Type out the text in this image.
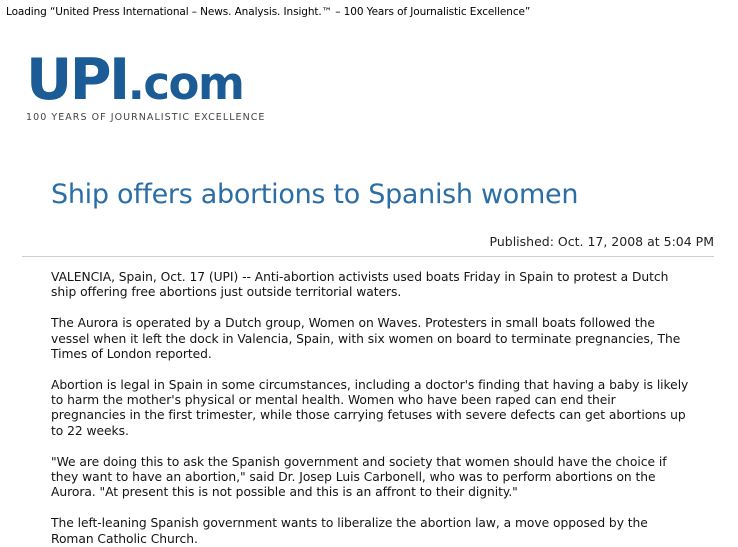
Loading “United Press International – News. Analysis. Insight.™ – 100 Years of Journalistic Excellence”
UPI.com
100 YEARS OF JOURNALISTIC EXCELLENCE
Ship offers abortions to Spanish women
Published: Oct. 17, 2008 at 5:04 PM

VALENCIA, Spain, Oct. 17 (UPI) -- Anti-abortion activists used boats Friday in Spain to protest a Dutch ship offering free abortions just outside territorial waters.

The Aurora is operated by a Dutch group, Women on Waves. Protesters in small boats followed the vessel when it left the dock in Valencia, Spain, with six women on board to terminate pregnancies, The Times of London reported.

Abortion is legal in Spain in some circumstances, including a doctor's finding that having a baby is likely to harm the mother's physical or mental health. Women who have been raped can end their pregnancies in the first trimester, while those carrying fetuses with severe defects can get abortions up to 22 weeks.

"We are doing this to ask the Spanish government and society that women should have the choice if they want to have an abortion," said Dr. Josep Luis Carbonell, who was to perform abortions on the Aurora. "At present this is not possible and this is an affront to their dignity."

The left-leaning Spanish government wants to liberalize the abortion law, a move opposed by the Roman Catholic Church.
